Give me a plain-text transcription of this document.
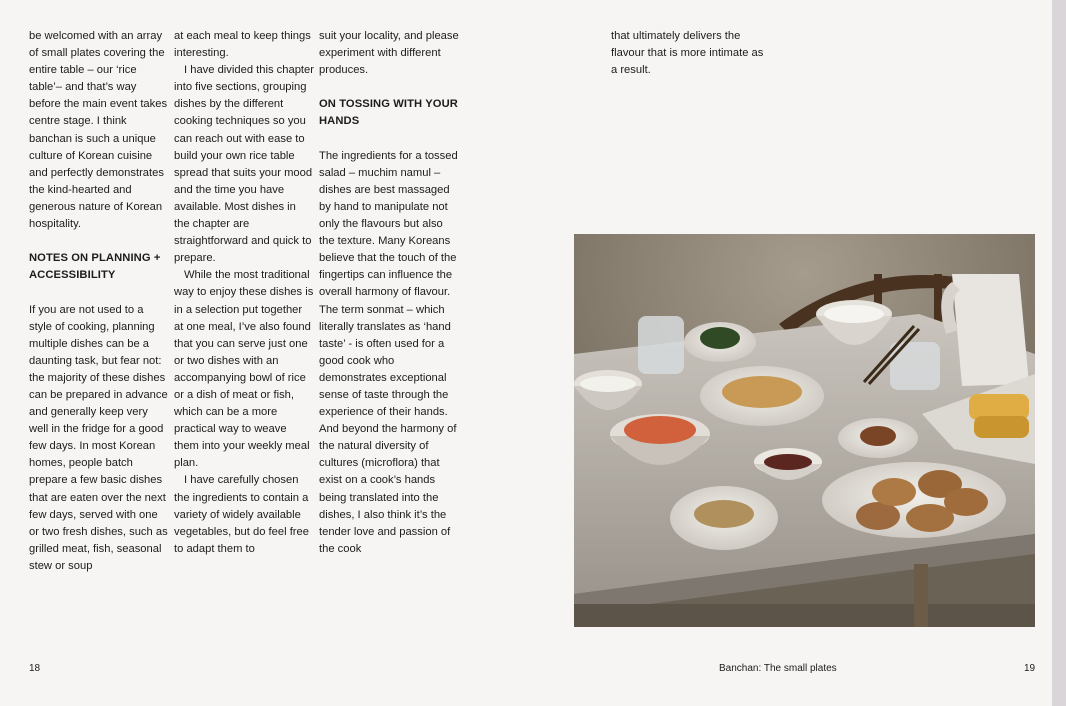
be welcomed with an array of small plates covering the entire table – our ‘rice table’– and that’s way before the main event takes centre stage. I think banchan is such a unique culture of Korean cuisine and perfectly demonstrates the kind-hearted and generous nature of Korean hospitality.

NOTES ON PLANNING + ACCESSIBILITY

If you are not used to a style of cooking, planning multiple dishes can be a daunting task, but fear not: the majority of these dishes can be prepared in advance and generally keep very well in the fridge for a good few days. In most Korean homes, people batch prepare a few basic dishes that are eaten over the next few days, served with one or two fresh dishes, such as grilled meat, fish, seasonal stew or soup

at each meal to keep things interesting.

I have divided this chapter into five sections, grouping dishes by the different cooking techniques so you can reach out with ease to build your own rice table spread that suits your mood and the time you have available. Most dishes in the chapter are straightforward and quick to prepare.

While the most traditional way to enjoy these dishes is in a selection put together at one meal, I’ve also found that you can serve just one or two dishes with an accompanying bowl of rice or a dish of meat or fish, which can be a more practical way to weave them into your weekly meal plan.

I have carefully chosen the ingredients to contain a variety of widely available vegetables, but do feel free to adapt them to

suit your locality, and please experiment with different produces.

ON TOSSING WITH YOUR HANDS

The ingredients for a tossed salad – muchim namul – dishes are best massaged by hand to manipulate not only the flavours but also the texture. Many Koreans believe that the touch of the fingertips can influence the overall harmony of flavour. The term sonmat – which literally translates as ‘hand taste’ - is often used for a good cook who demonstrates exceptional sense of taste through the experience of their hands. And beyond the harmony of the natural diversity of cultures (microflora) that exist on a cook’s hands being translated into the dishes, I also think it’s the tender love and passion of the cook

that ultimately delivers the flavour that is more intimate as a result.

18	Banchan: The small plates	19
